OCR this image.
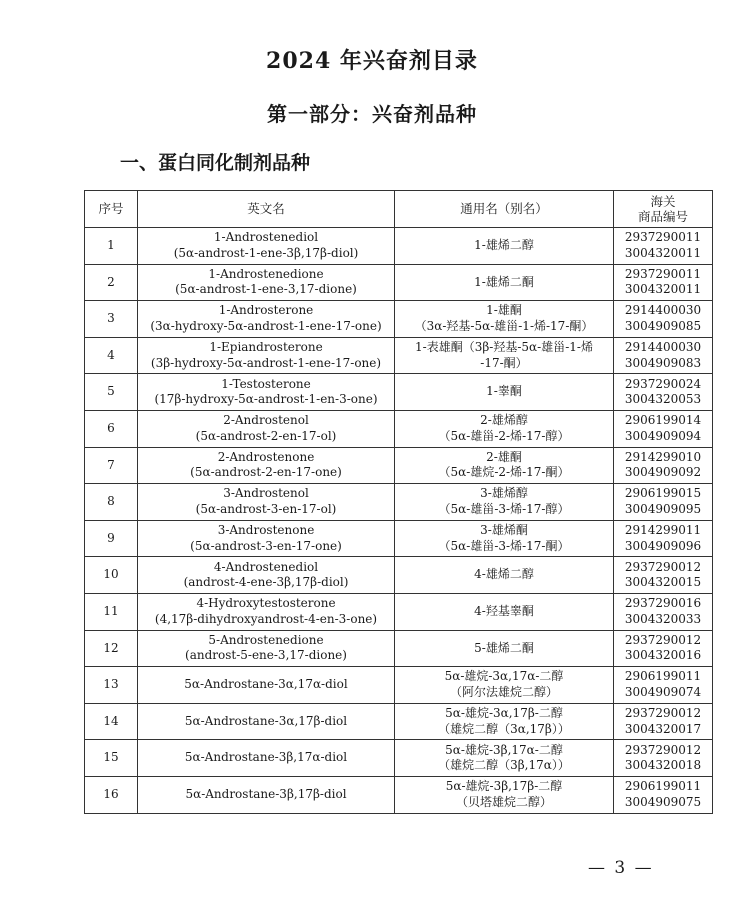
2024 年兴奋剂目录
第一部分：兴奋剂品种
一、蛋白同化制剂品种
序号	英文名	通用名（别名）	海关
商品编号

1	1-Androstenediol
(5α-androst-1-ene-3β,17β-diol)	1-雄烯二醇	2937290011
3004320011

2	1-Androstenedione
(5α-androst-1-ene-3,17-dione)	1-雄烯二酮	2937290011
3004320011

3	1-Androsterone
(3α-hydroxy-5α-androst-1-ene-17-one)	1-雄酮
（3α-羟基-5α-雄甾-1-烯-17-酮）	2914400030
3004909085

4	1-Epiandrosterone
(3β-hydroxy-5α-androst-1-ene-17-one)	1-表雄酮（3β-羟基-5α-雄甾-1-烯
-17-酮）	2914400030
3004909083

5	1-Testosterone
(17β-hydroxy-5α-androst-1-en-3-one)	1-睾酮	2937290024
3004320053

6	2-Androstenol
(5α-androst-2-en-17-ol)	2-雄烯醇
（5α-雄甾-2-烯-17-醇）	2906199014
3004909094

7	2-Androstenone
(5α-androst-2-en-17-one)	2-雄酮
（5α-雄烷-2-烯-17-酮）	2914299010
3004909092

8	3-Androstenol
(5α-androst-3-en-17-ol)	3-雄烯醇
（5α-雄甾-3-烯-17-醇）	2906199015
3004909095

9	3-Androstenone
(5α-androst-3-en-17-one)	3-雄烯酮
（5α-雄甾-3-烯-17-酮）	2914299011
3004909096

10	4-Androstenediol
(androst-4-ene-3β,17β-diol)	4-雄烯二醇	2937290012
3004320015

11	4-Hydroxytestosterone
(4,17β-dihydroxyandrost-4-en-3-one)	4-羟基睾酮	2937290016
3004320033

12	5-Androstenedione
(androst-5-ene-3,17-dione)	5-雄烯二酮	2937290012
3004320016

13	5α-Androstane-3α,17α-diol	5α-雄烷-3α,17α-二醇
（阿尔法雄烷二醇）	2906199011
3004909074

14	5α-Androstane-3α,17β-diol	5α-雄烷-3α,17β-二醇
（雄烷二醇（3α,17β））	2937290012
3004320017

15	5α-Androstane-3β,17α-diol	5α-雄烷-3β,17α-二醇
（雄烷二醇（3β,17α））	2937290012
3004320018

16	5α-Androstane-3β,17β-diol	5α-雄烷-3β,17β-二醇
（贝塔雄烷二醇）	2906199011
3004909075
— 3 —
